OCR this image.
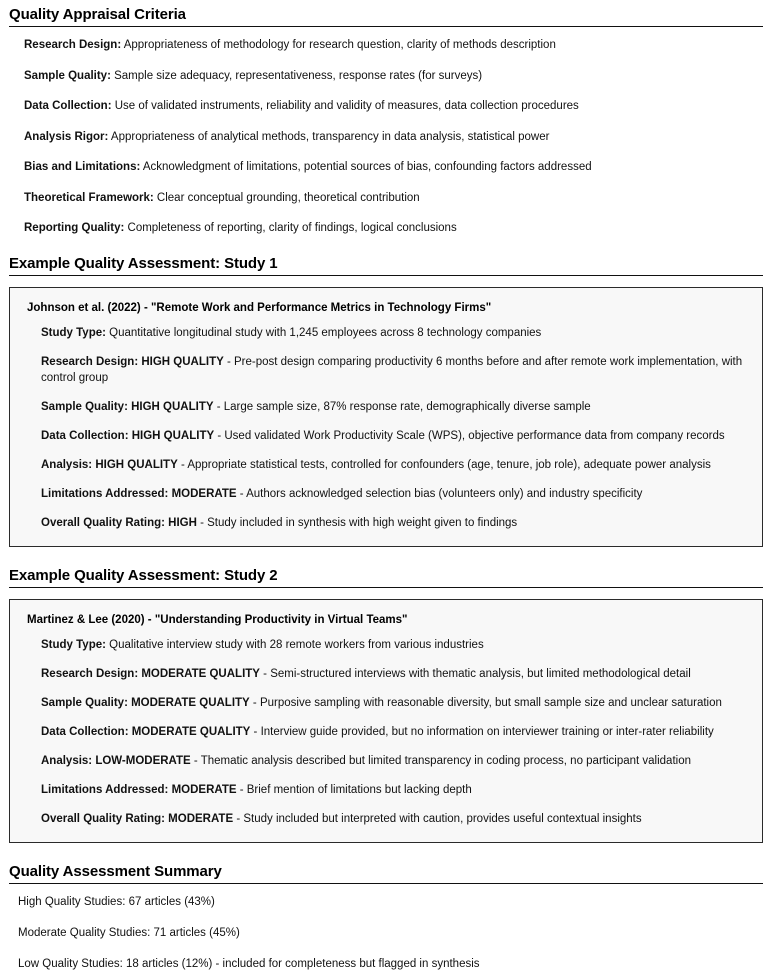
Quality Appraisal Criteria

Research Design: Appropriateness of methodology for research question, clarity of methods description

Sample Quality: Sample size adequacy, representativeness, response rates (for surveys)

Data Collection: Use of validated instruments, reliability and validity of measures, data collection procedures

Analysis Rigor: Appropriateness of analytical methods, transparency in data analysis, statistical power

Bias and Limitations: Acknowledgment of limitations, potential sources of bias, confounding factors addressed

Theoretical Framework: Clear conceptual grounding, theoretical contribution

Reporting Quality: Completeness of reporting, clarity of findings, logical conclusions

Example Quality Assessment: Study 1
Johnson et al. (2022) - "Remote Work and Performance Metrics in Technology Firms"

Study Type: Quantitative longitudinal study with 1,245 employees across 8 technology companies

Research Design: HIGH QUALITY - Pre-post design comparing productivity 6 months before and after remote work implementation, with control group

Sample Quality: HIGH QUALITY - Large sample size, 87% response rate, demographically diverse sample

Data Collection: HIGH QUALITY - Used validated Work Productivity Scale (WPS), objective performance data from company records

Analysis: HIGH QUALITY - Appropriate statistical tests, controlled for confounders (age, tenure, job role), adequate power analysis

Limitations Addressed: MODERATE - Authors acknowledged selection bias (volunteers only) and industry specificity

Overall Quality Rating: HIGH - Study included in synthesis with high weight given to findings

Example Quality Assessment: Study 2
Martinez & Lee (2020) - "Understanding Productivity in Virtual Teams"

Study Type: Qualitative interview study with 28 remote workers from various industries

Research Design: MODERATE QUALITY - Semi-structured interviews with thematic analysis, but limited methodological detail

Sample Quality: MODERATE QUALITY - Purposive sampling with reasonable diversity, but small sample size and unclear saturation

Data Collection: MODERATE QUALITY - Interview guide provided, but no information on interviewer training or inter-rater reliability

Analysis: LOW-MODERATE - Thematic analysis described but limited transparency in coding process, no participant validation

Limitations Addressed: MODERATE - Brief mention of limitations but lacking depth

Overall Quality Rating: MODERATE - Study included but interpreted with caution, provides useful contextual insights

Quality Assessment Summary

High Quality Studies: 67 articles (43%)

Moderate Quality Studies: 71 articles (45%)

Low Quality Studies: 18 articles (12%) - included for completeness but flagged in synthesis
